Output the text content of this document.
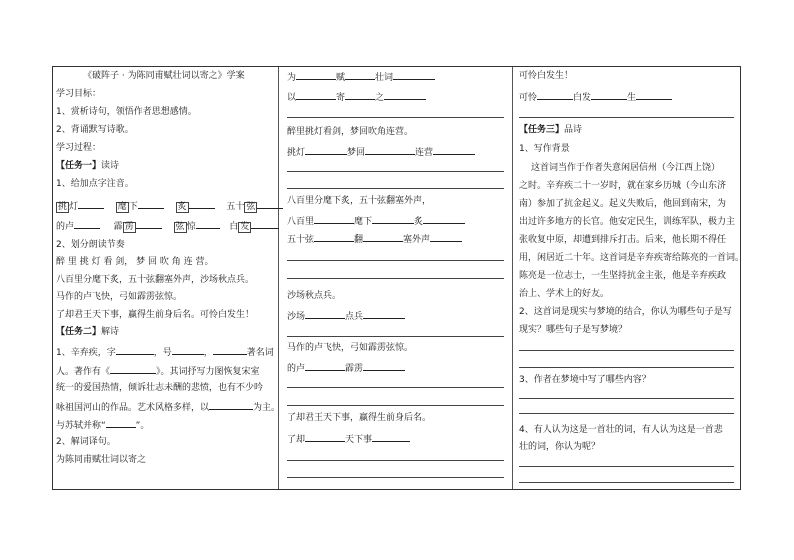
《破阵子 · 为陈同甫赋壮词以寄之》学案
学习目标：
1、赏析诗句，领悟作者思想感情。
2、背诵默写诗歌。
学习过程：
【任务一】读诗
1、给加点字注音。
挑 灯	麾 下	炙	五十 弦
的卢	霹 雳	弦 惊	白 发
2、划分朗读节奏
醉 里 挑 灯 看 剑， 梦 回 吹 角 连 营。
八百里分麾下炙，五十弦翻塞外声，沙场秋点兵。
马作的卢飞快，弓如霹雳弦惊。
了却君王天下事，赢得生前身后名。可怜白发生！
【任务二】解诗
1、辛弃疾，字	，号	，	著名词
人。著作有《	》。其词抒写力图恢复宋室
统一的爱国热情，倾诉壮志未酬的悲愤，也有不少吟
咏祖国河山的作品。艺术风格多样，以	为主。
与苏轼并称“	”。
2、解词译句。
为陈同甫赋壮词以寄之
为	赋	壮词
以	寄	之
醉里挑灯看剑，梦回吹角连营。
挑灯	梦回	连营
八百里分麾下炙，五十弦翻塞外声，
八百里	麾下	炙
五十弦	翻	塞外声
沙场秋点兵。
沙场	点兵
马作的卢飞快，弓如霹雳弦惊。
的卢	霹雳
了却君王天下事，赢得生前身后名。
了却	天下事
可怜白发生！
可怜	白发	生
【任务三】品诗
1、写作背景
这首词当作于作者失意闲居信州（今江西上饶）
之时。辛弃疾二十一岁时，就在家乡历城（今山东济
南）参加了抗金起义。起义失败后，他回到南宋，为
出过许多地方的长官。他安定民生，训练军队，极力主
张收复中原，却遭到排斥打击。后来，他长期不得任
用，闲居近二十年。这首词是辛弃疾寄给陈亮的一首词。
陈亮是一位志士，一生坚持抗金主张，他是辛弃疾政
治上、学术上的好友。
2、这首词是现实与梦境的结合，你认为哪些句子是写
现实？哪些句子是写梦境？
3、作者在梦境中写了哪些内容？
4、有人认为这是一首壮的词，有人认为这是一首悲
壮的词，你认为呢？
